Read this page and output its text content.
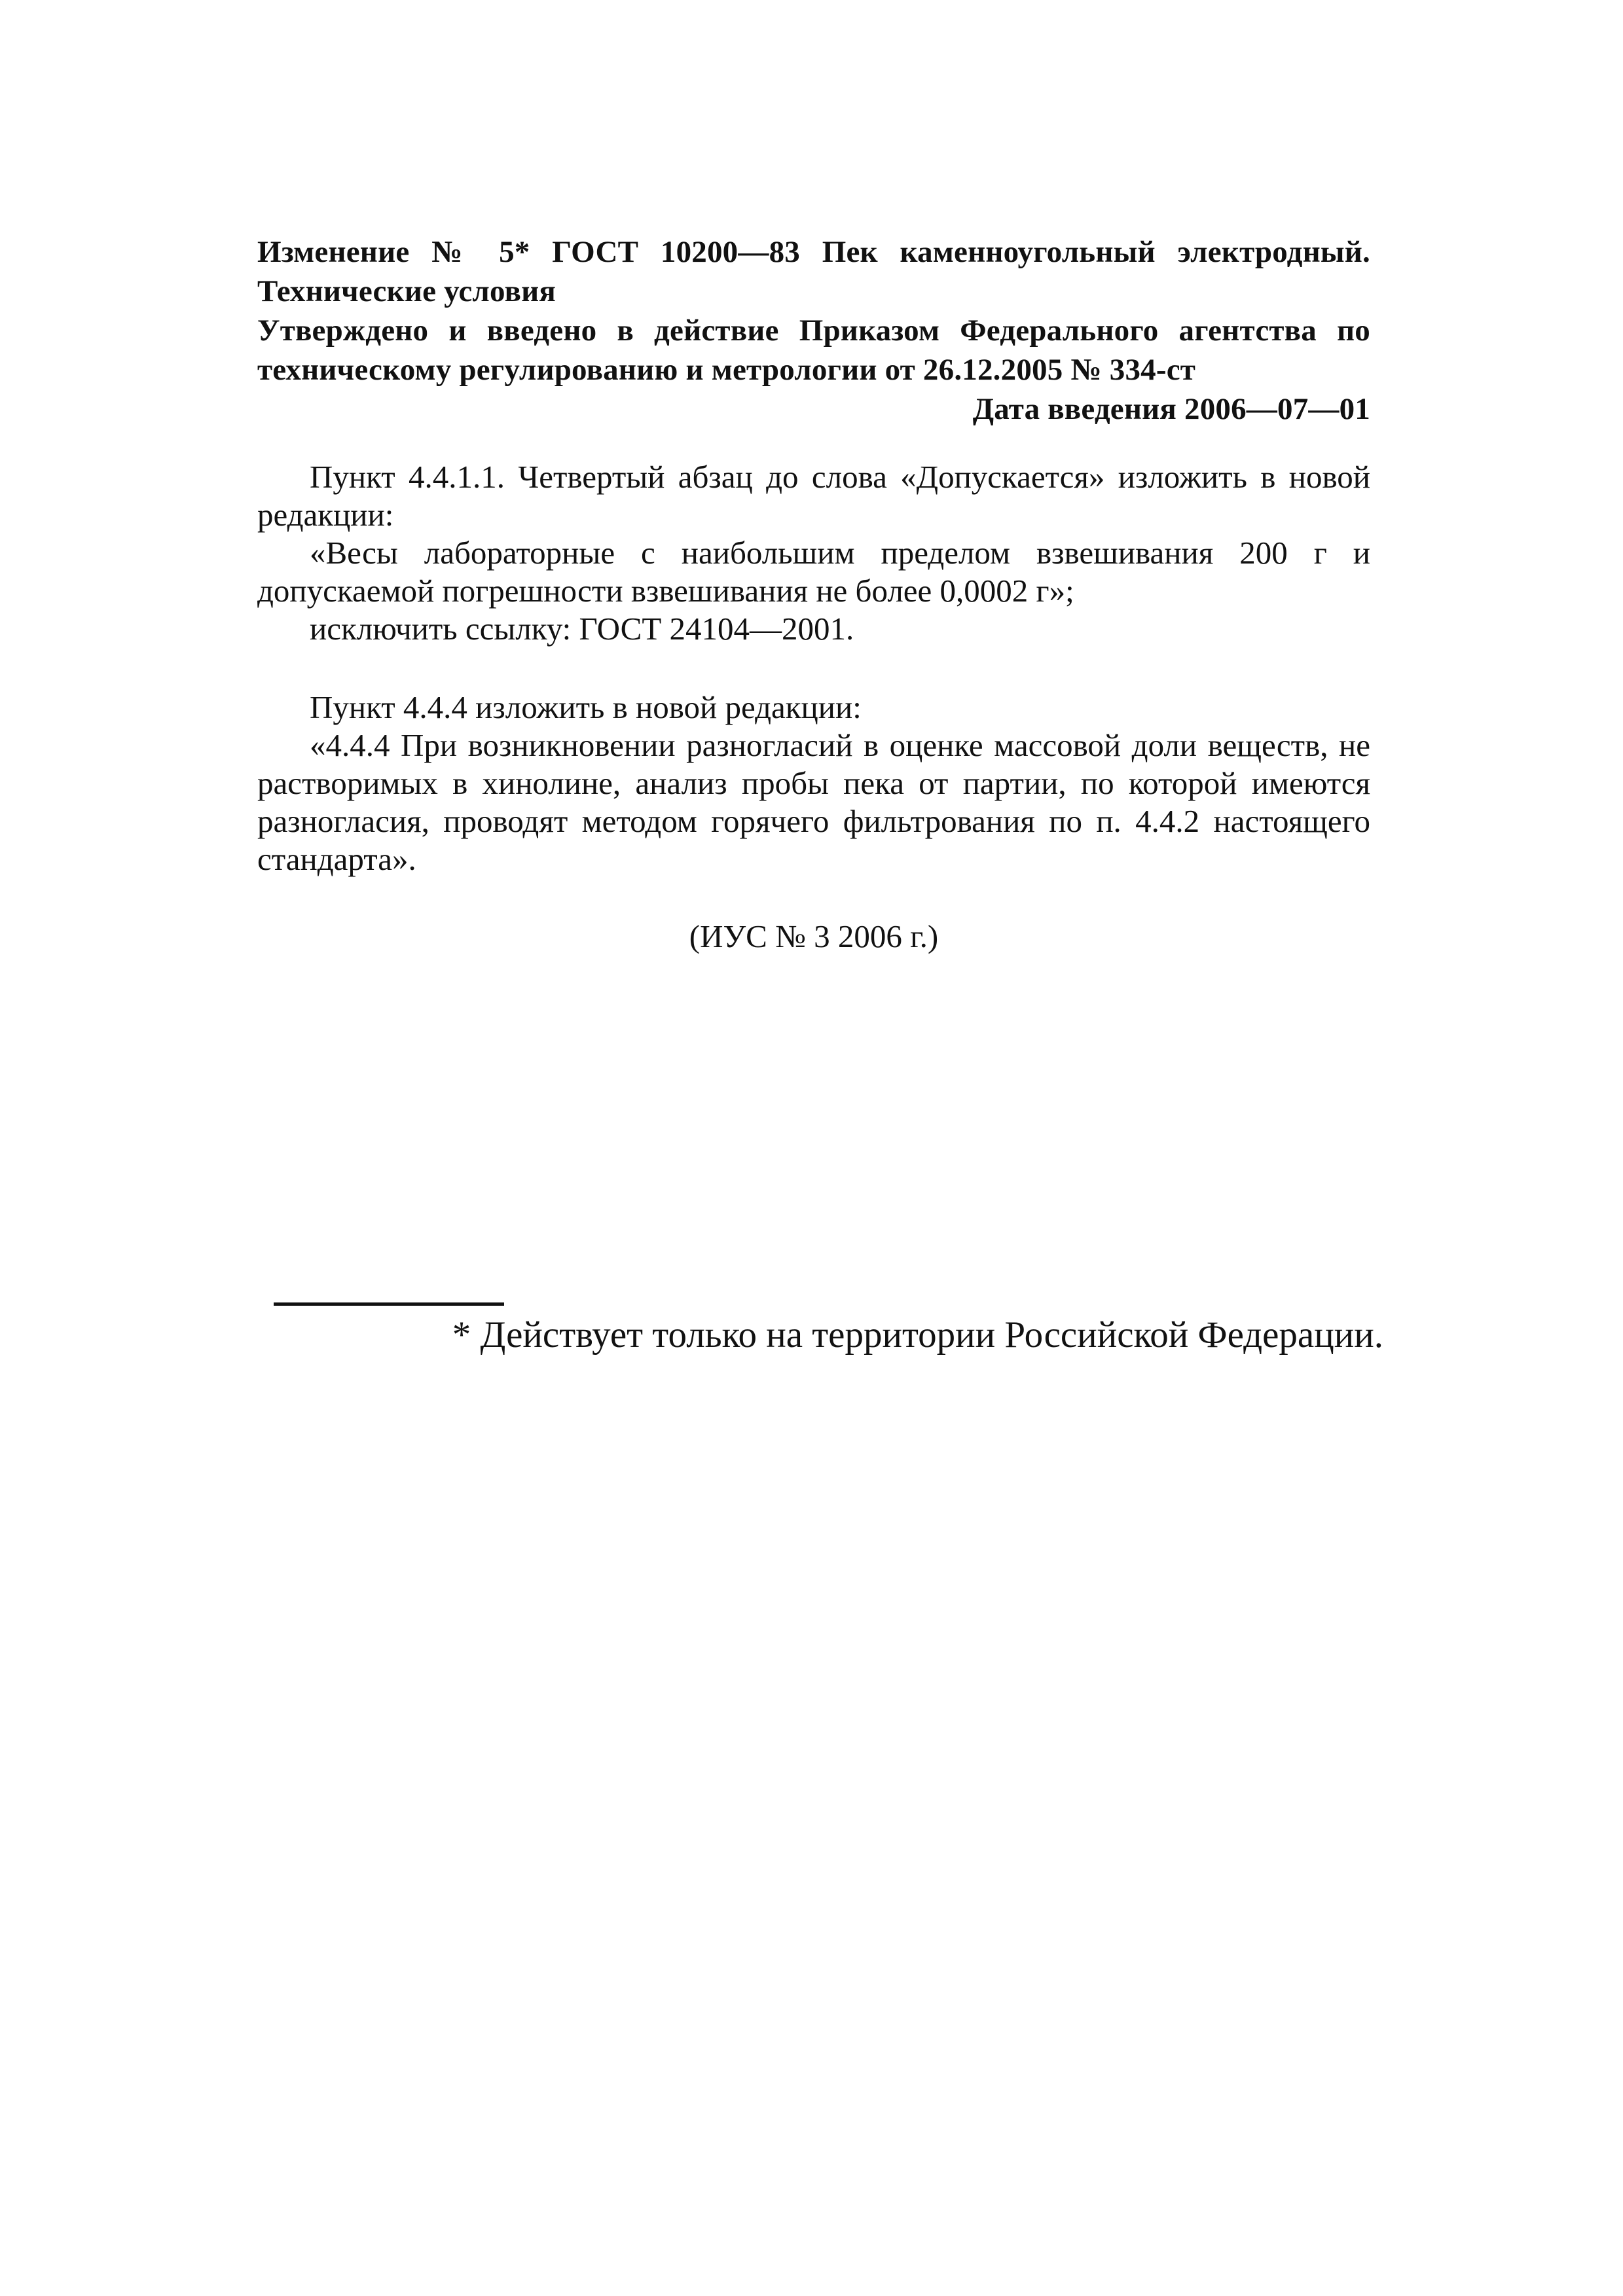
Изменение № 5* ГОСТ 10200—83 Пек каменноугольный электродный. Технические условия

Утверждено и введено в действие Приказом Федерального агентства по техническому регулированию и метрологии от 26.12.2005 № 334-ст

Дата введения 2006—07—01

Пункт 4.4.1.1. Четвертый абзац до слова «Допускается» изложить в новой редакции:

«Весы лабораторные с наибольшим пределом взвешивания 200 г и допускаемой погрешности взвешивания не более 0,0002 г»;

исключить ссылку: ГОСТ 24104—2001.

Пункт 4.4.4 изложить в новой редакции:

«4.4.4 При возникновении разногласий в оценке массовой доли веществ, не растворимых в хинолине, анализ пробы пека от партии, по которой имеются разногласия, проводят методом горячего фильтрования по п. 4.4.2 настоящего стандарта».

(ИУС № 3 2006 г.)
* Действует только на территории Российской Федерации.
